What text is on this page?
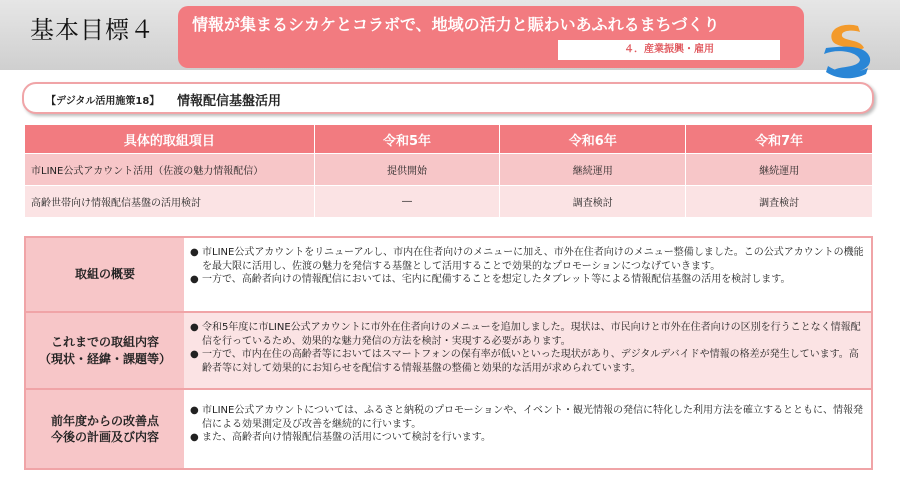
基本目標４ 情報が集まるシカケとコラボで、地域の活力と賑わいあふれるまちづくり
４．産業振興・雇用
【デジタル活用施策18】 情報配信基盤活用
具体的取組項目	令和5年	令和6年	令和7年
市LINE公式アカウント活用（佐渡の魅力情報配信）	提供開始	継続運用	継続運用
高齢世帯向け情報配信基盤の活用検討	―	調査検討	調査検討
取組の概要
● 市LINE公式アカウントをリニューアルし、市内在住者向けのメニューに加え、市外在住者向けのメニュー整備しました。この公式アカウントの機能を最大限に活用し、佐渡の魅力を発信する基盤として活用することで効果的なプロモーションにつなげていきます。
● 一方で、高齢者向けの情報配信においては、宅内に配備することを想定したタブレット等による情報配信基盤の活用を検討します。
これまでの取組内容
（現状・経緯・課題等）
● 令和5年度に市LINE公式アカウントに市外在住者向けのメニューを追加しました。現状は、市民向けと市外在住者向けの区別を行うことなく情報配信を行っているため、効果的な魅力発信の方法を検討・実現する必要があります。
● 一方で、市内在住の高齢者等においてはスマートフォンの保有率が低いといった現状があり、デジタルデバイドや情報の格差が発生しています。高齢者等に対して効果的にお知らせを配信する情報基盤の整備と効果的な活用が求められています。
前年度からの改善点
今後の計画及び内容
● 市LINE公式アカウントについては、ふるさと納税のプロモーションや、イベント・観光情報の発信に特化した利用方法を確立するとともに、情報発信による効果測定及び改善を継続的に行います。
● また、高齢者向け情報配信基盤の活用について検討を行います。
